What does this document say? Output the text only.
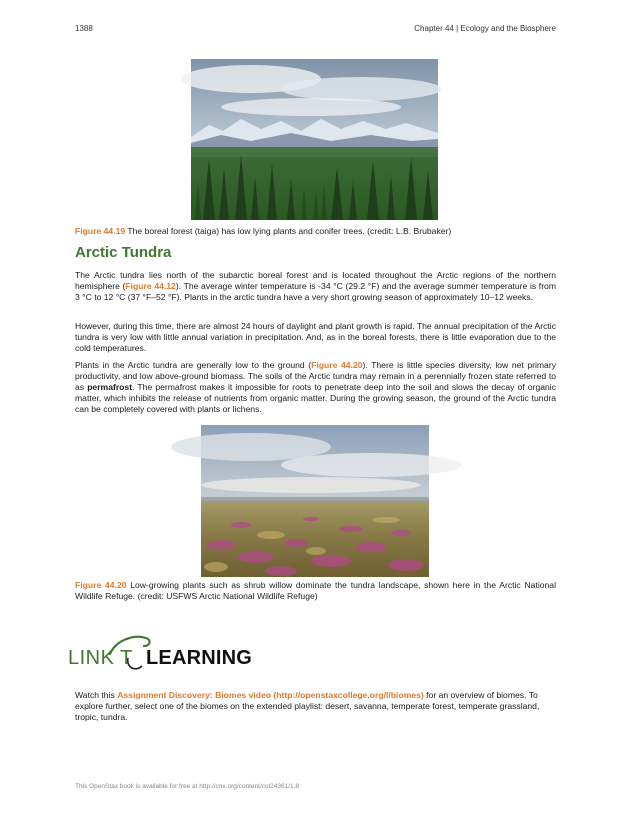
1388	Chapter 44 | Ecology and the Biosphere
Figure 44.19 The boreal forest (taiga) has low lying plants and conifer trees. (credit: L.B. Brubaker)
Arctic Tundra

The Arctic tundra lies north of the subarctic boreal forest and is located throughout the Arctic regions of the northern hemisphere (Figure 44.12). The average winter temperature is -34 °C (29.2 °F) and the average summer temperature is from 3 °C to 12 °C (37 °F–52 °F). Plants in the arctic tundra have a very short growing season of approximately 10–12 weeks.

However, during this time, there are almost 24 hours of daylight and plant growth is rapid. The annual precipitation of the Arctic tundra is very low with little annual variation in precipitation. And, as in the boreal forests, there is little evaporation due to the cold temperatures.

Plants in the Arctic tundra are generally low to the ground (Figure 44.20). There is little species diversity, low net primary productivity, and low above-ground biomass. The soils of the Arctic tundra may remain in a perennially frozen state referred to as permafrost. The permafrost makes it impossible for roots to penetrate deep into the soil and slows the decay of organic matter, which inhibits the release of nutrients from organic matter. During the growing season, the ground of the Arctic tundra can be completely covered with plants or lichens.

Figure 44.20 Low-growing plants such as shrub willow dominate the tundra landscape, shown here in the Arctic National Wildlife Refuge. (credit: USFWS Arctic National Wildlife Refuge)
LINK T LEARNING

Watch this Assignment Discovery: Biomes video (http://openstaxcollege.org/l/biomes) for an overview of biomes. To explore further, select one of the biomes on the extended playlist: desert, savanna, temperate forest, temperate grassland, tropic, tundra.

This OpenStax book is available for free at http://cnx.org/content/col24361/1.8
